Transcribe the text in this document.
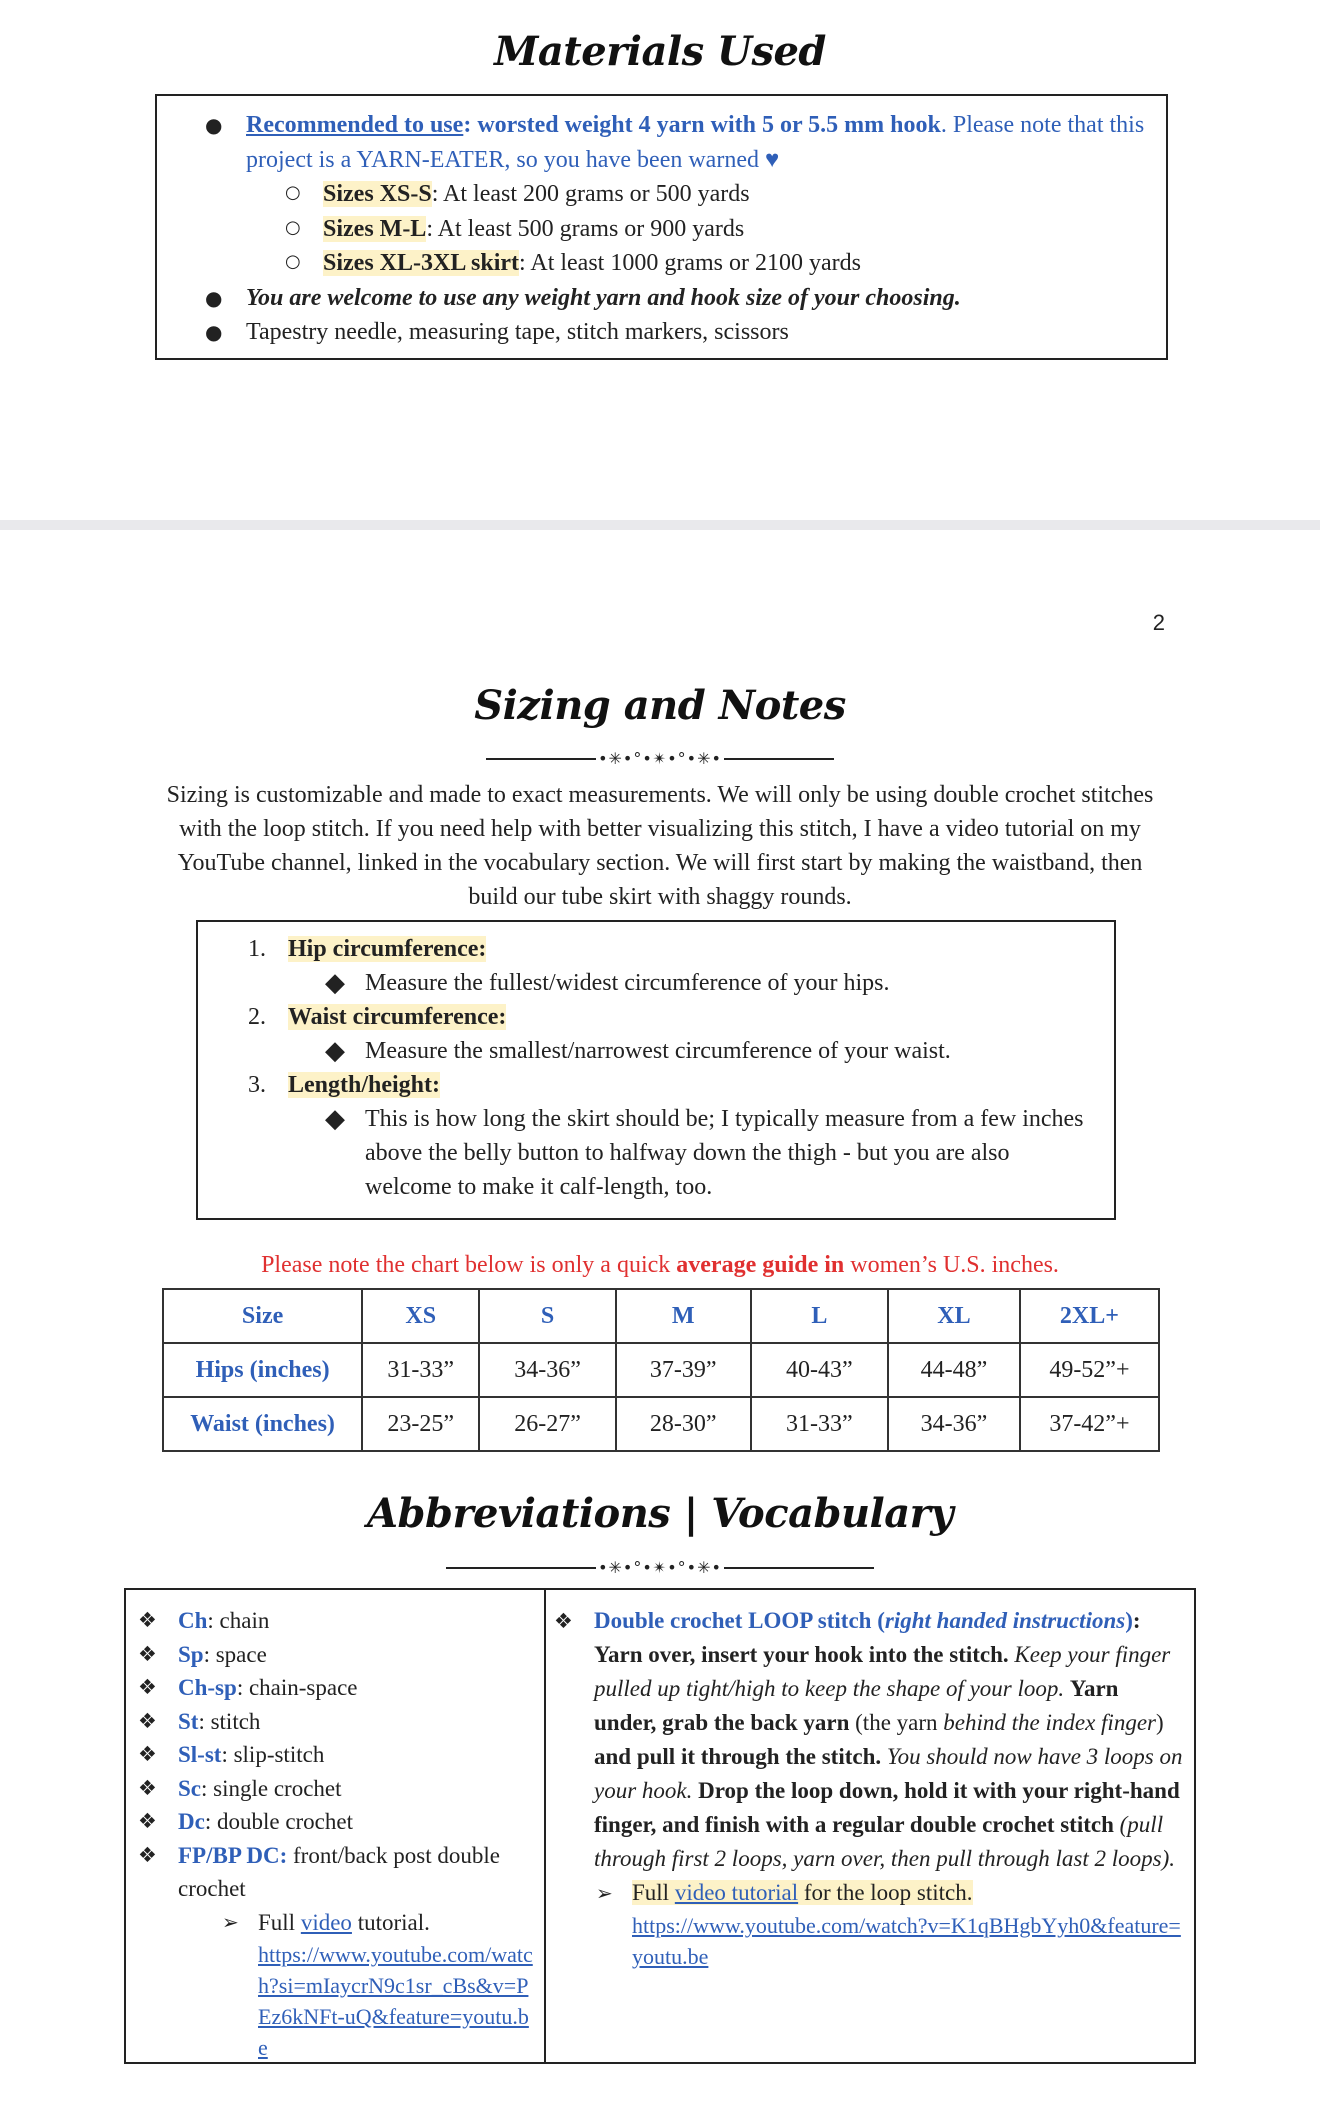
Materials Used
● Recommended to use: worsted weight 4 yarn with 5 or 5.5 mm hook. Please note that this project is a YARN-EATER, so you have been warned ♥
○ Sizes XS-S: At least 200 grams or 500 yards
○ Sizes M-L: At least 500 grams or 900 yards
○ Sizes XL-3XL skirt: At least 1000 grams or 2100 yards
● You are welcome to use any weight yarn and hook size of your choosing.
● Tapestry needle, measuring tape, stitch markers, scissors
2
Sizing and Notes
•✳•°•✴•°•✳•
Sizing is customizable and made to exact measurements. We will only be using double crochet stitches with the loop stitch. If you need help with better visualizing this stitch, I have a video tutorial on my YouTube channel, linked in the vocabulary section. We will first start by making the waistband, then build our tube skirt with shaggy rounds.
1. Hip circumference:
◆ Measure the fullest/widest circumference of your hips.
2. Waist circumference:
◆ Measure the smallest/narrowest circumference of your waist.
3. Length/height:
◆ This is how long the skirt should be; I typically measure from a few inches above the belly button to halfway down the thigh - but you are also welcome to make it calf-length, too.
Please note the chart below is only a quick average guide in women’s U.S. inches.
Size	XS	S	M	L	XL	2XL+
Hips (inches)	31-33”	34-36”	37-39”	40-43”	44-48”	49-52”+
Waist (inches)	23-25”	26-27”	28-30”	31-33”	34-36”	37-42”+
Abbreviations | Vocabulary
•✳•°•✴•°•✳•
❖ Ch: chain
❖ Sp: space
❖ Ch-sp: chain-space
❖ St: stitch
❖ Sl-st: slip-stitch
❖ Sc: single crochet
❖ Dc: double crochet
❖ FP/BP DC: front/back post double crochet
➢ Full video tutorial.
https://www.youtube.com/watch?si=mIaycrN9c1sr_cBs&v=PEz6kNFt-uQ&feature=youtu.be
❖ Double crochet LOOP stitch (right handed instructions): Yarn over, insert your hook into the stitch. Keep your finger pulled up tight/high to keep the shape of your loop. Yarn under, grab the back yarn (the yarn behind the index finger) and pull it through the stitch. You should now have 3 loops on your hook. Drop the loop down, hold it with your right-hand finger, and finish with a regular double crochet stitch (pull through first 2 loops, yarn over, then pull through last 2 loops).
➢ Full video tutorial for the loop stitch.
https://www.youtube.com/watch?v=K1qBHgbYyh0&feature=youtu.be
